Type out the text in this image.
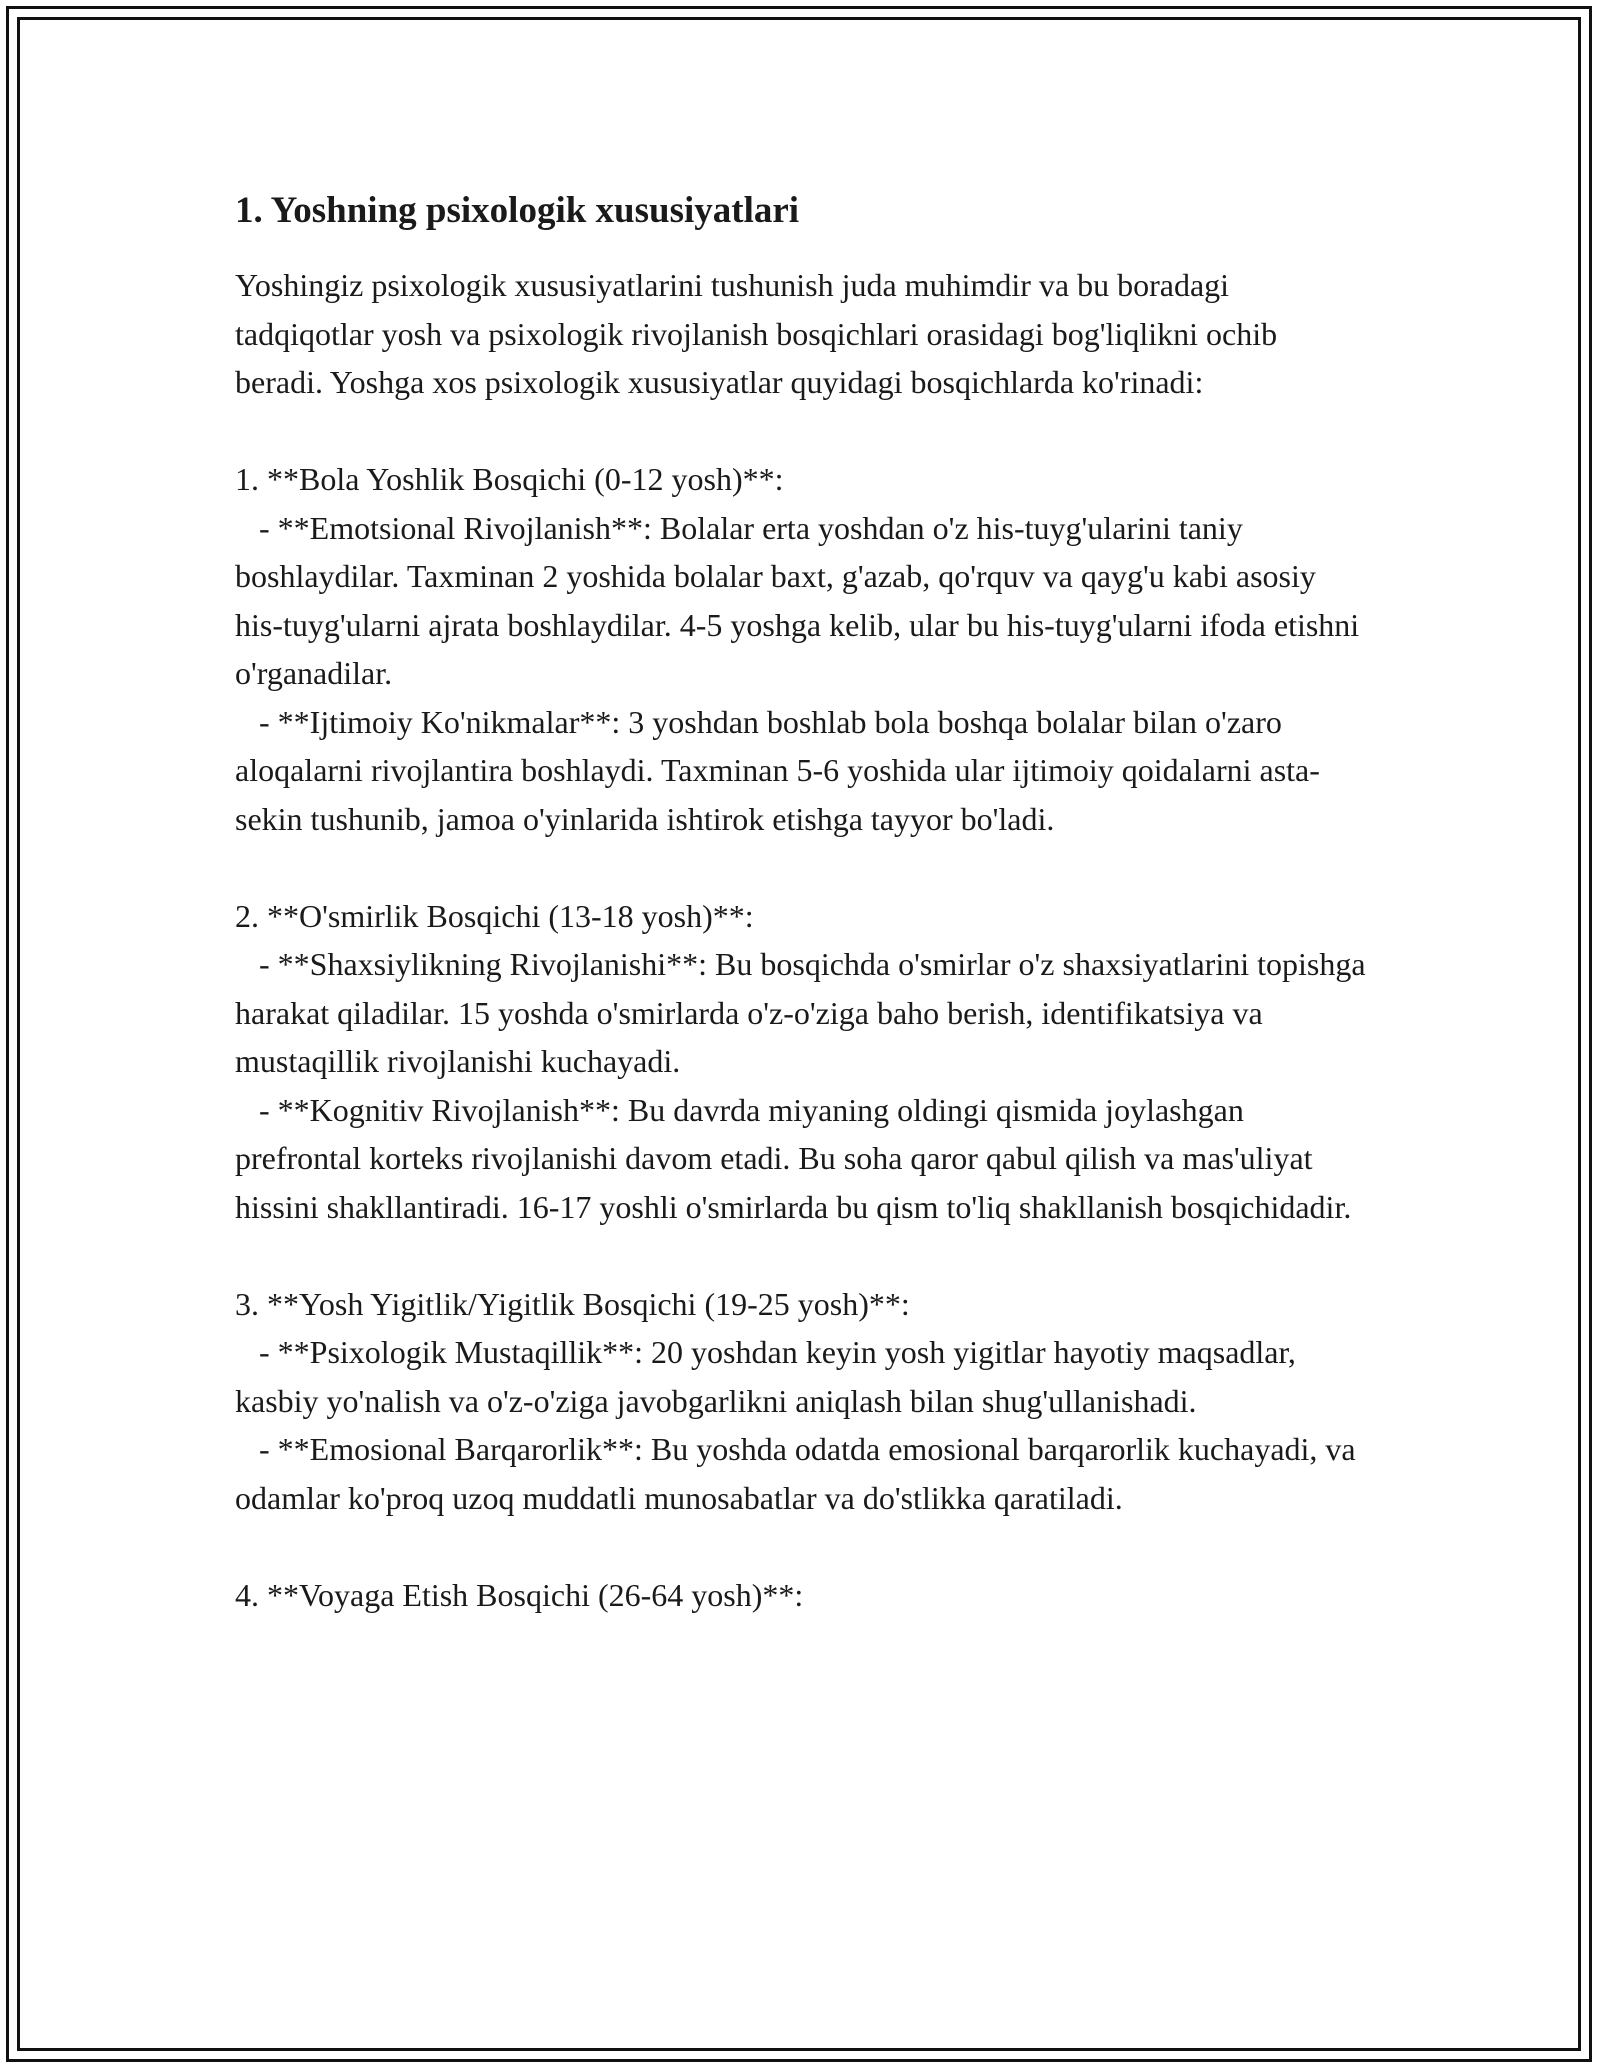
1. Yoshning psixologik xususiyatlari

Yoshingiz psixologik xususiyatlarini tushunish juda muhimdir va bu boradagi tadqiqotlar yosh va psixologik rivojlanish bosqichlari orasidagi bog'liqlikni ochib beradi. Yoshga xos psixologik xususiyatlar quyidagi bosqichlarda ko'rinadi:

1. **Bola Yoshlik Bosqichi (0-12 yosh)**:

- **Emotsional Rivojlanish**: Bolalar erta yoshdan o'z his-tuyg'ularini taniy boshlaydilar. Taxminan 2 yoshida bolalar baxt, g'azab, qo'rquv va qayg'u kabi asosiy his-tuyg'ularni ajrata boshlaydilar. 4-5 yoshga kelib, ular bu his-tuyg'ularni ifoda etishni o'rganadilar.

- **Ijtimoiy Ko'nikmalar**: 3 yoshdan boshlab bola boshqa bolalar bilan o'zaro aloqalarni rivojlantira boshlaydi. Taxminan 5-6 yoshida ular ijtimoiy qoidalarni asta-sekin tushunib, jamoa o'yinlarida ishtirok etishga tayyor bo'ladi.

2. **O'smirlik Bosqichi (13-18 yosh)**:

- **Shaxsiylikning Rivojlanishi**: Bu bosqichda o'smirlar o'z shaxsiyatlarini topishga harakat qiladilar. 15 yoshda o'smirlarda o'z-o'ziga baho berish, identifikatsiya va mustaqillik rivojlanishi kuchayadi.

- **Kognitiv Rivojlanish**: Bu davrda miyaning oldingi qismida joylashgan prefrontal korteks rivojlanishi davom etadi. Bu soha qaror qabul qilish va mas'uliyat hissini shakllantiradi. 16-17 yoshli o'smirlarda bu qism to'liq shakllanish bosqichidadir.

3. **Yosh Yigitlik/Yigitlik Bosqichi (19-25 yosh)**:

- **Psixologik Mustaqillik**: 20 yoshdan keyin yosh yigitlar hayotiy maqsadlar, kasbiy yo'nalish va o'z-o'ziga javobgarlikni aniqlash bilan shug'ullanishadi.

- **Emosional Barqarorlik**: Bu yoshda odatda emosional barqarorlik kuchayadi, va odamlar ko'proq uzoq muddatli munosabatlar va do'stlikka qaratiladi.

4. **Voyaga Etish Bosqichi (26-64 yosh)**:
